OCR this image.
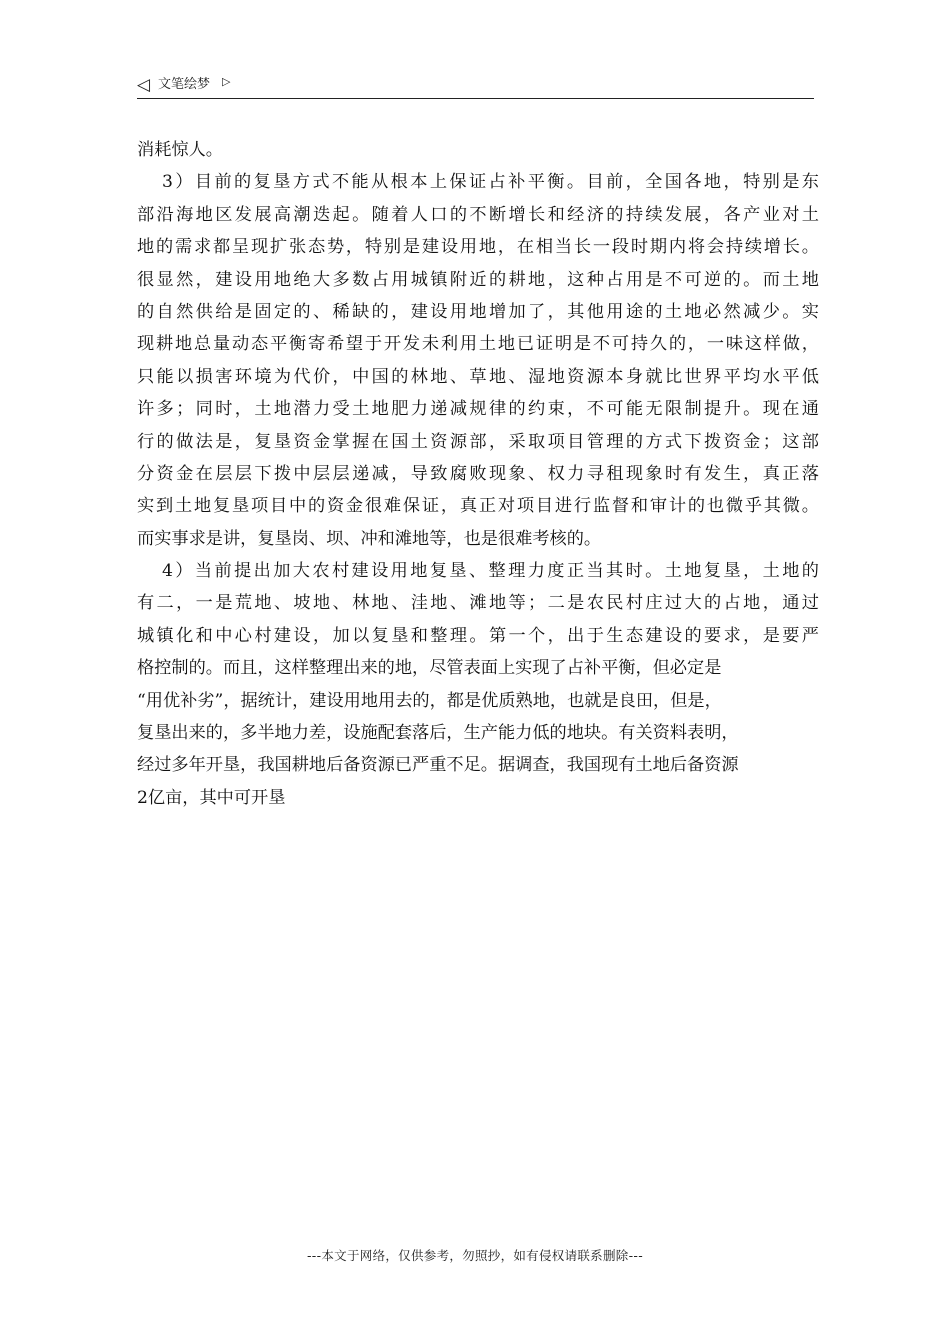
◁ 文笔绘梦 ▷
消耗惊人。
3）目前的复垦方式不能从根本上保证占补平衡。目前，全国各地，特别是东
部沿海地区发展高潮迭起。随着人口的不断增长和经济的持续发展，各产业对土
地的需求都呈现扩张态势，特别是建设用地，在相当长一段时期内将会持续增长。
很显然，建设用地绝大多数占用城镇附近的耕地，这种占用是不可逆的。而土地
的自然供给是固定的、稀缺的，建设用地增加了，其他用途的土地必然减少。实
现耕地总量动态平衡寄希望于开发未利用土地已证明是不可持久的，一味这样做，
只能以损害环境为代价，中国的林地、草地、湿地资源本身就比世界平均水平低
许多；同时，土地潜力受土地肥力递减规律的约束，不可能无限制提升。现在通
行的做法是，复垦资金掌握在国土资源部，采取项目管理的方式下拨资金；这部
分资金在层层下拨中层层递减，导致腐败现象、权力寻租现象时有发生，真正落
实到土地复垦项目中的资金很难保证，真正对项目进行监督和审计的也微乎其微。
而实事求是讲，复垦岗、坝、冲和滩地等，也是很难考核的。
4）当前提出加大农村建设用地复垦、整理力度正当其时。土地复垦，土地的
有二，一是荒地、坡地、林地、洼地、滩地等；二是农民村庄过大的占地，通过
城镇化和中心村建设，加以复垦和整理。第一个，出于生态建设的要求，是要严
格控制的。而且，这样整理出来的地，尽管表面上实现了占补平衡，但必定是
“用优补劣”，据统计，建设用地用去的，都是优质熟地，也就是良田，但是，
复垦出来的，多半地力差，设施配套落后，生产能力低的地块。有关资料表明，
经过多年开垦，我国耕地后备资源已严重不足。据调查，我国现有土地后备资源
2亿亩，其中可开垦
---本文于网络，仅供参考，勿照抄，如有侵权请联系删除---
